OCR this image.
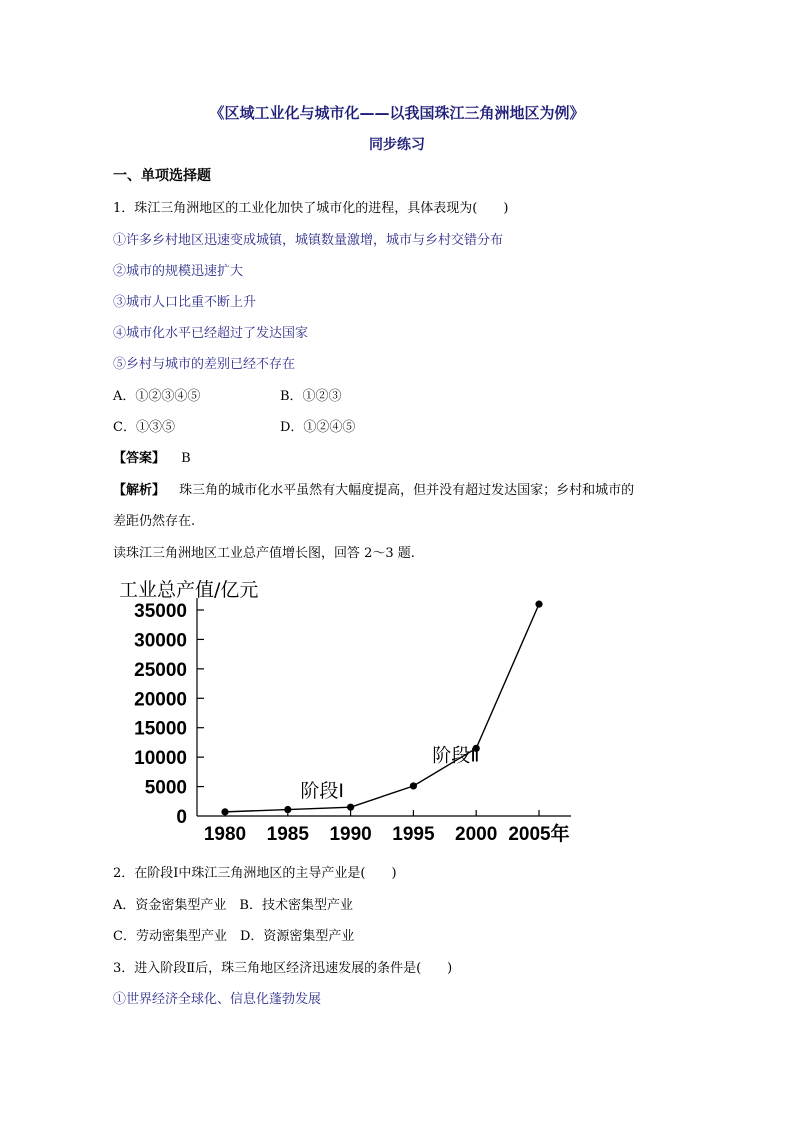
《区域工业化与城市化——以我国珠江三角洲地区为例》
同步练习
一、单项选择题
1．珠江三角洲地区的工业化加快了城市化的进程，具体表现为(　　)
①许多乡村地区迅速变成城镇，城镇数量激增，城市与乡村交错分布
②城市的规模迅速扩大
③城市人口比重不断上升
④城市化水平已经超过了发达国家
⑤乡村与城市的差别已经不存在
A．①②③④⑤	B．①②③
C．①③⑤	D．①②④⑤
【答案】 B
【解析】 珠三角的城市化水平虽然有大幅度提高，但并没有超过发达国家；乡村和城市的
差距仍然存在.
读珠江三角洲地区工业总产值增长图，回答 2～3 题.
工业总产值/亿元
0
5000
10000
15000
20000
25000
30000
35000
1980 1985 1990 1995 2000 2005年
阶段Ⅰ
阶段Ⅱ
2．在阶段Ⅰ中珠江三角洲地区的主导产业是(　　)
A．资金密集型产业　B．技术密集型产业
C．劳动密集型产业　D．资源密集型产业
3．进入阶段Ⅱ后，珠三角地区经济迅速发展的条件是(　　)
①世界经济全球化、信息化蓬勃发展
